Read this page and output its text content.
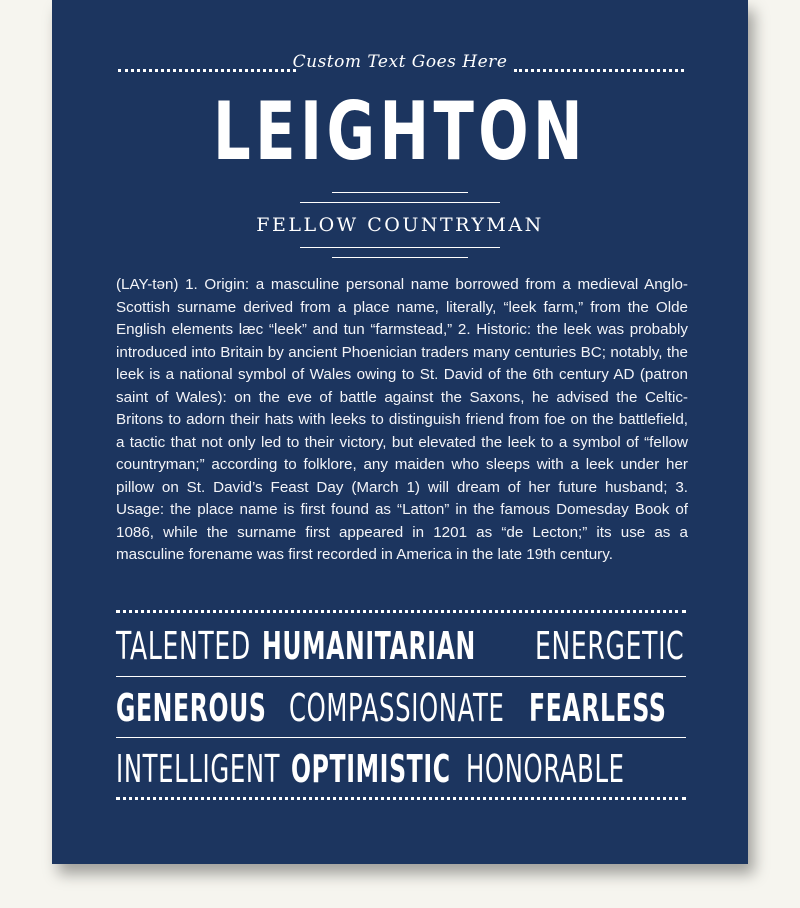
Custom Text Goes Here
LEIGHTON
FELLOW COUNTRYMAN
(LAY-tən) 1. Origin: a masculine personal name borrowed from a medieval Anglo-Scottish surname derived from a place name, literally, “leek farm,” from the Olde English elements læc “leek” and tun “farmstead,” 2. Historic: the leek was probably introduced into Britain by ancient Phoenician traders many centuries BC; notably, the leek is a national symbol of Wales owing to St. David of the 6th century AD (patron saint of Wales): on the eve of battle against the Saxons, he advised the Celtic-Britons to adorn their hats with leeks to distinguish friend from foe on the battlefield, a tactic that not only led to their victory, but elevated the leek to a symbol of “fellow countryman;” according to folklore, any maiden who sleeps with a leek under her pillow on St. David’s Feast Day (March 1) will dream of her future husband; 3. Usage: the place name is first found as “Latton” in the famous Domesday Book of 1086, while the surname first appeared in 1201 as “de Lecton;” its use as a masculine forename was first recorded in America in the late 19th century.
TALENTED HUMANITARIAN ENERGETIC
GENEROUS COMPASSIONATE FEARLESS
INTELLIGENT OPTIMISTIC HONORABLE
